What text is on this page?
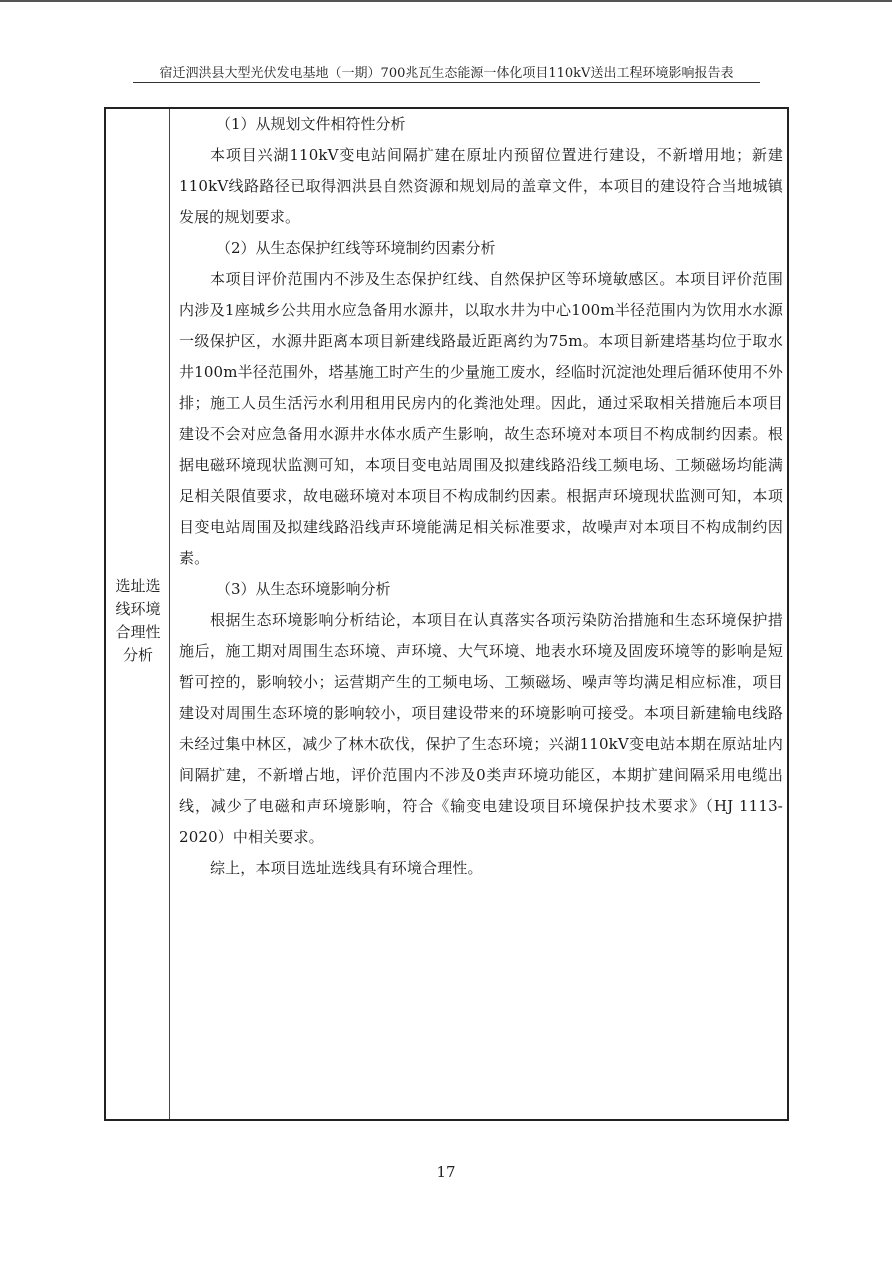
宿迁泗洪县大型光伏发电基地（一期）700兆瓦生态能源一体化项目110kV送出工程环境影响报告表
选址选线环境合理性分析
（1）从规划文件相符性分析

本项目兴湖110kV变电站间隔扩建在原址内预留位置进行建设，不新增用地；新建110kV线路路径已取得泗洪县自然资源和规划局的盖章文件，本项目的建设符合当地城镇发展的规划要求。

（2）从生态保护红线等环境制约因素分析

本项目评价范围内不涉及生态保护红线、自然保护区等环境敏感区。本项目评价范围内涉及1座城乡公共用水应急备用水源井，以取水井为中心100m半径范围内为饮用水水源一级保护区，水源井距离本项目新建线路最近距离约为75m。本项目新建塔基均位于取水井100m半径范围外，塔基施工时产生的少量施工废水，经临时沉淀池处理后循环使用不外排；施工人员生活污水利用租用民房内的化粪池处理。因此，通过采取相关措施后本项目建设不会对应急备用水源井水体水质产生影响，故生态环境对本项目不构成制约因素。根据电磁环境现状监测可知，本项目变电站周围及拟建线路沿线工频电场、工频磁场均能满足相关限值要求，故电磁环境对本项目不构成制约因素。根据声环境现状监测可知，本项目变电站周围及拟建线路沿线声环境能满足相关标准要求，故噪声对本项目不构成制约因素。

（3）从生态环境影响分析

根据生态环境影响分析结论，本项目在认真落实各项污染防治措施和生态环境保护措施后，施工期对周围生态环境、声环境、大气环境、地表水环境及固废环境等的影响是短暂可控的，影响较小；运营期产生的工频电场、工频磁场、噪声等均满足相应标准，项目建设对周围生态环境的影响较小，项目建设带来的环境影响可接受。本项目新建输电线路未经过集中林区，减少了林木砍伐，保护了生态环境；兴湖110kV变电站本期在原站址内间隔扩建，不新增占地，评价范围内不涉及0类声环境功能区，本期扩建间隔采用电缆出线，减少了电磁和声环境影响，符合《输变电建设项目环境保护技术要求》（HJ 1113-2020）中相关要求。

综上，本项目选址选线具有环境合理性。

17
